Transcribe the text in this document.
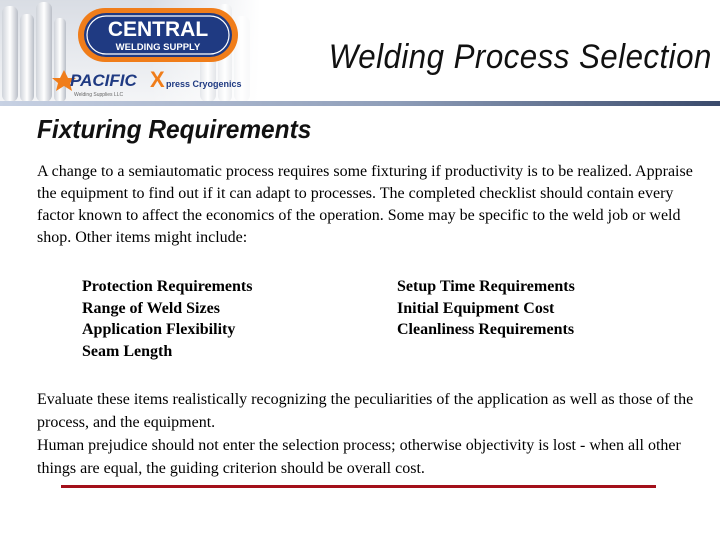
CENTRAL
WELDING SUPPLY
PACIFIC
Welding Supplies LLC
X press Cryogenics
Welding Process Selection
Fixturing Requirements
A change to a semiautomatic process requires some fixturing if productivity is to be realized. Appraise the equipment to find out if it can adapt to processes. The completed checklist should contain every factor known to affect the economics of the operation. Some may be specific to the weld job or weld shop. Other items might include:
Protection Requirements
Range of Weld Sizes
Application Flexibility
Seam Length
Setup Time Requirements
Initial Equipment Cost
Cleanliness Requirements
Evaluate these items realistically recognizing the peculiarities of the application as well as those of the process, and the equipment.
Human prejudice should not enter the selection process; otherwise objectivity is lost - when all other things are equal, the guiding criterion should be overall cost.
